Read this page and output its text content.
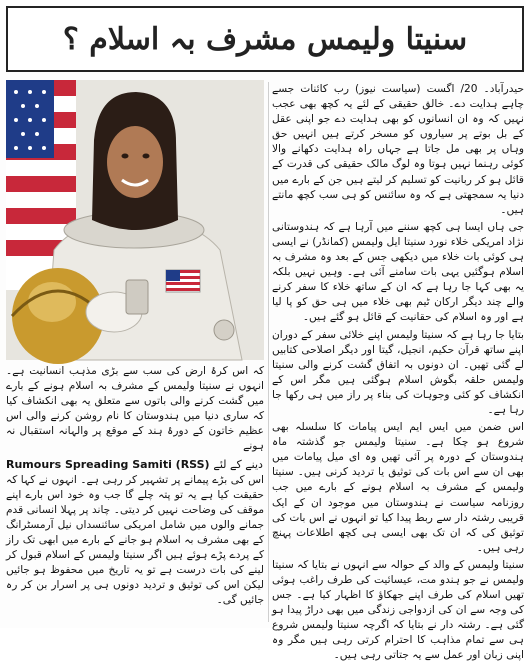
سنیتا ولیمس مشرف بہ اسلام ؟

حیدرآباد۔ 20/ اگست (سیاست نیوز) رب کائنات جسے چاہے ہدایت دے۔ خالق حقیقی کے لئے یہ کچھ بھی عجب نہیں کہ وہ ان انسانوں کو بھی ہدایت دے جو اپنی عقل کے بل بوتے پر سیاروں کو مسخر کرتے ہیں انہیں حق وہاں پر بھی مل جاتا ہے جہاں راہ ہدایت دکھانے والا کوئی رہنما نہیں ہوتا وہ لوگ مالک حقیقی کی قدرت کے قائل ہو کر ربانیت کو تسلیم کر لیتے ہیں جن کے بارے میں دنیا یہ سمجھتی ہے کہ وہ سائنس کو ہی سب کچھ مانتے ہیں۔

جی ہاں ایسا ہی کچھ سننے میں آرہا ہے کہ ہندوستانی نژاد امریکی خلاء نورد سنیتا ایل ولیمس (کمانڈر) نے ایسی ہی کوئی بات خلاء میں دیکھی جس کے بعد وہ مشرف بہ اسلام ہوگئیں یہی بات سامنے آئی ہے۔ وہیں نہیں بلکہ یہ بھی کہا جا رہا ہے کہ ان کے ساتھ خلاء کا سفر کرنے والے چند دیگر ارکان ٹیم بھی خلاء میں ہی حق کو پا لیا ہے اور وہ اسلام کی حقانیت کے قائل ہو گئے ہیں۔

بتایا جا رہا ہے کہ سنیتا ولیمس اپنے خلائی سفر کے دوران اپنے ساتھ قرآن حکیم، انجیل، گیتا اور دیگر اصلاحی کتابیں لے گئی تھیں۔ ان دونوں بہ اتفاق گشت کرنے والی سنیتا ولیمس حلقہ بگوش اسلام ہوگئی ہیں مگر اس کے انکشاف کو کئی وجوہات کی بناء پر راز میں ہی رکھا جا رہا ہے۔

اس ضمن میں ایس ایم ایس پیامات کا سلسلہ بھی شروع ہو چکا ہے۔ سنیتا ولیمس جو گذشتہ ماہ ہندوستان کے دورہ پر آئی تھیں وہ ای میل پیامات میں بھی ان سے اس بات کی توثیق یا تردید کرنی ہیں۔ سنیتا ولیمس کے مشرف بہ اسلام ہونے کے بارے میں جب روزنامہ سیاست نے ہندوستان میں موجود ان کے ایک قریبی رشتہ دار سے ربط پیدا کیا تو انہوں نے اس بات کی توثیق کی کہ ان تک بھی ایسی ہی کچھ اطلاعات پہنچ رہی ہیں۔

سنیتا ولیمس کے والد کے حوالہ سے انہوں نے بتایا کہ سنیتا ولیمس نے جو ہندو مت، عیسائیت کی طرف راغب ہوئی تھیں اسلام کی طرف اپنے جھکاؤ کا اظہار کیا ہے۔ جس کی وجہ سے ان کی ازدواجی زندگی میں بھی دراڑ پیدا ہو گئی ہے۔ رشتہ دار نے بتایا کہ اگرچہ سنیتا ولیمس شروع ہی سے تمام مذاہب کا احترام کرتی رہی ہیں مگر وہ اپنی زبان اور عمل سے یہ جتاتی رہی ہیں۔

کہ اس کرۂ ارض کی سب سے بڑی مذہب انسانیت ہے۔ انہوں نے سنیتا ولیمس کے مشرف بہ اسلام ہونے کے بارے میں گشت کرنے والی باتوں سے متعلق یہ بھی انکشاف کیا کہ ساری دنیا میں ہندوستان کا نام روشن کرنے والی اس عظیم خاتون کے دورۂ ہند کے موقع پر والہانہ استقبال نہ ہونے

Rumours Spreading Samiti (RSS) دینے کے لئے

اس کی بڑے پیمانے پر تشہیر کر رہی ہے۔ انہوں نے کہا کہ حقیقت کیا ہے یہ تو پتہ چلے گا جب وہ خود اس بارے اپنے موقف کی وضاحت نہیں کر دیتی۔ چاند پر پہلا انسانی قدم جمانے والوں میں شامل امریکی سائنسداں نیل آرمسٹرانگ کے بھی مشرف بہ اسلام ہو جانے کے بارے میں ابھی تک راز کے پردے پڑے ہوئے ہیں اگر سنیتا ولیمس کے اسلام قبول کر لینے کی بات درست ہے تو یہ تاریخ میں محفوظ ہو جائیں لیکن اس کی توثیق و تردید دونوں ہی پر اسرار بن کر رہ جائیں گی۔
